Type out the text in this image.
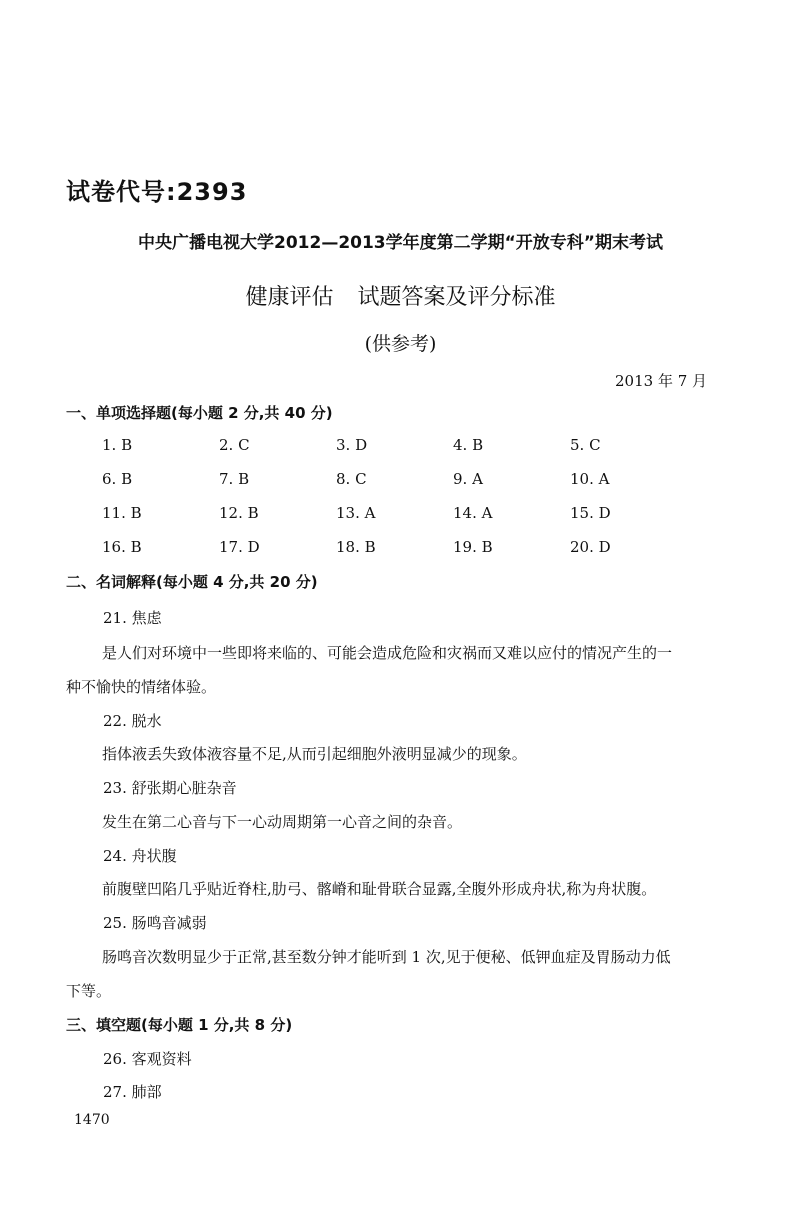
试卷代号:2393
中央广播电视大学2012—2013学年度第二学期“开放专科”期末考试
健康评估 试题答案及评分标准
(供参考)
2013 年 7 月
一、单项选择题(每小题 2 分,共 40 分)
1. B	2. C	3. D	4. B	5. C
6. B	7. B	8. C	9. A	10. A
11. B	12. B	13. A	14. A	15. D
16. B	17. D	18. B	19. B	20. D
二、名词解释(每小题 4 分,共 20 分)
21. 焦虑
是人们对环境中一些即将来临的、可能会造成危险和灾祸而又难以应付的情况产生的一
种不愉快的情绪体验。
22. 脱水
指体液丢失致体液容量不足,从而引起细胞外液明显减少的现象。
23. 舒张期心脏杂音
发生在第二心音与下一心动周期第一心音之间的杂音。
24. 舟状腹
前腹壁凹陷几乎贴近脊柱,肋弓、髂嵴和耻骨联合显露,全腹外形成舟状,称为舟状腹。
25. 肠鸣音减弱
肠鸣音次数明显少于正常,甚至数分钟才能听到 1 次,见于便秘、低钾血症及胃肠动力低
下等。
三、填空题(每小题 1 分,共 8 分)
26. 客观资料
27. 肺部
1470
